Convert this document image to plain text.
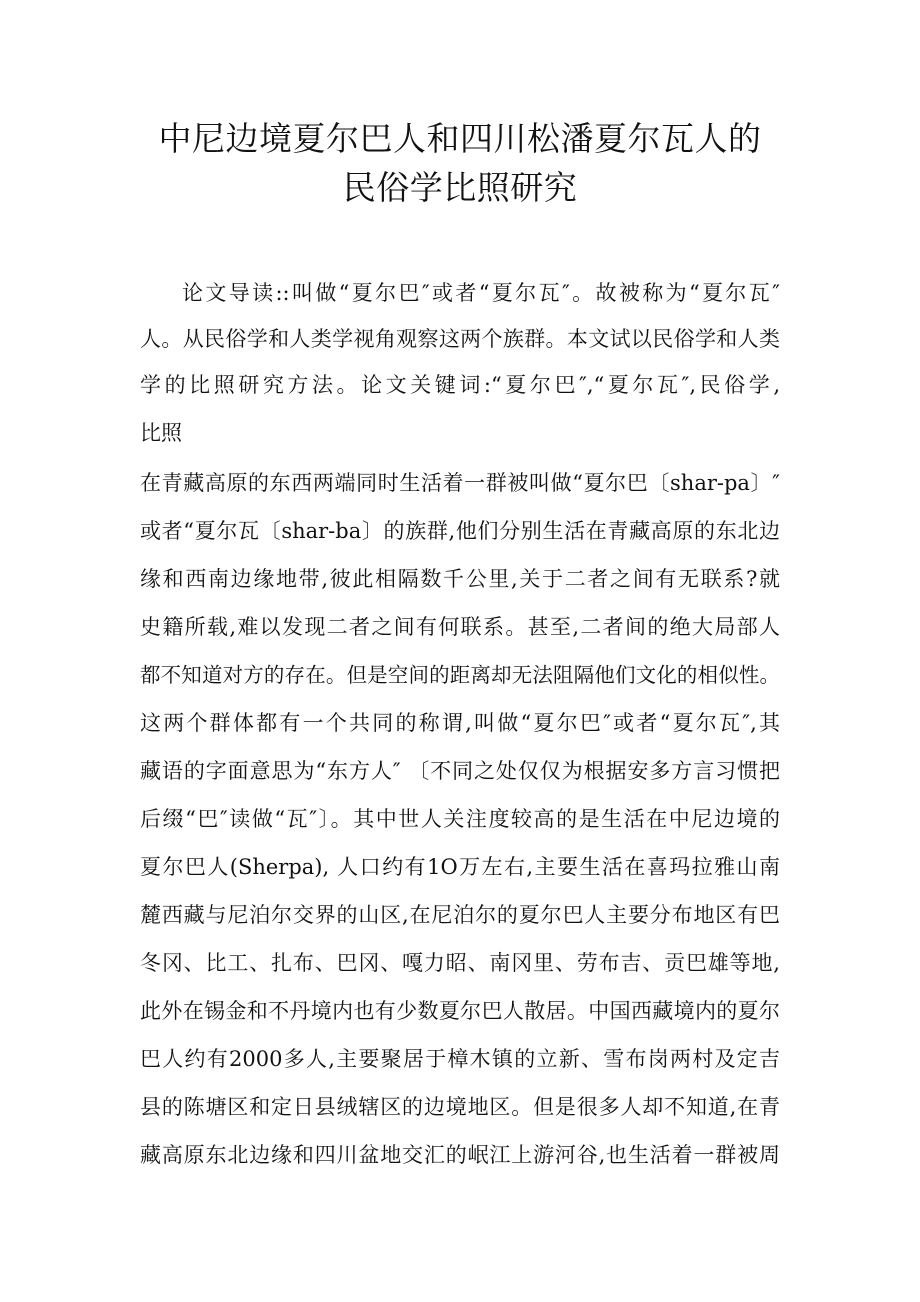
中尼边境夏尔巴人和四川松潘夏尔瓦人的
民俗学比照研究
论文导读::叫做“夏尔巴″或者“夏尔瓦″。故被称为“夏尔瓦″
人。从民俗学和人类学视角观察这两个族群。本文试以民俗学和人类
学的比照研究方法。论文关键词:“夏尔巴″,“夏尔瓦″,民俗学,
比照
在青藏高原的东西两端同时生活着一群被叫做“夏尔巴〔shar-pa〕″
或者“夏尔瓦〔shar-ba〕的族群,他们分别生活在青藏高原的东北边
缘和西南边缘地带,彼此相隔数千公里,关于二者之间有无联系?就
史籍所载,难以发现二者之间有何联系。甚至,二者间的绝大局部人
都不知道对方的存在。但是空间的距离却无法阻隔他们文化的相似性。
这两个群体都有一个共同的称谓,叫做“夏尔巴″或者“夏尔瓦″,其
藏语的字面意思为“东方人″ 〔不同之处仅仅为根据安多方言习惯把
后缀“巴″读做“瓦″〕。其中世人关注度较高的是生活在中尼边境的
夏尔巴人(Sherpa), 人口约有1O万左右,主要生活在喜玛拉雅山南
麓西藏与尼泊尔交界的山区,在尼泊尔的夏尔巴人主要分布地区有巴
冬冈、比工、扎布、巴冈、嘎力昭、南冈里、劳布吉、贡巴雄等地,
此外在锡金和不丹境内也有少数夏尔巴人散居。中国西藏境内的夏尔
巴人约有2000多人,主要聚居于樟木镇的立新、雪布岗两村及定吉
县的陈塘区和定日县绒辖区的边境地区。但是很多人却不知道,在青
藏高原东北边缘和四川盆地交汇的岷江上游河谷,也生活着一群被周
